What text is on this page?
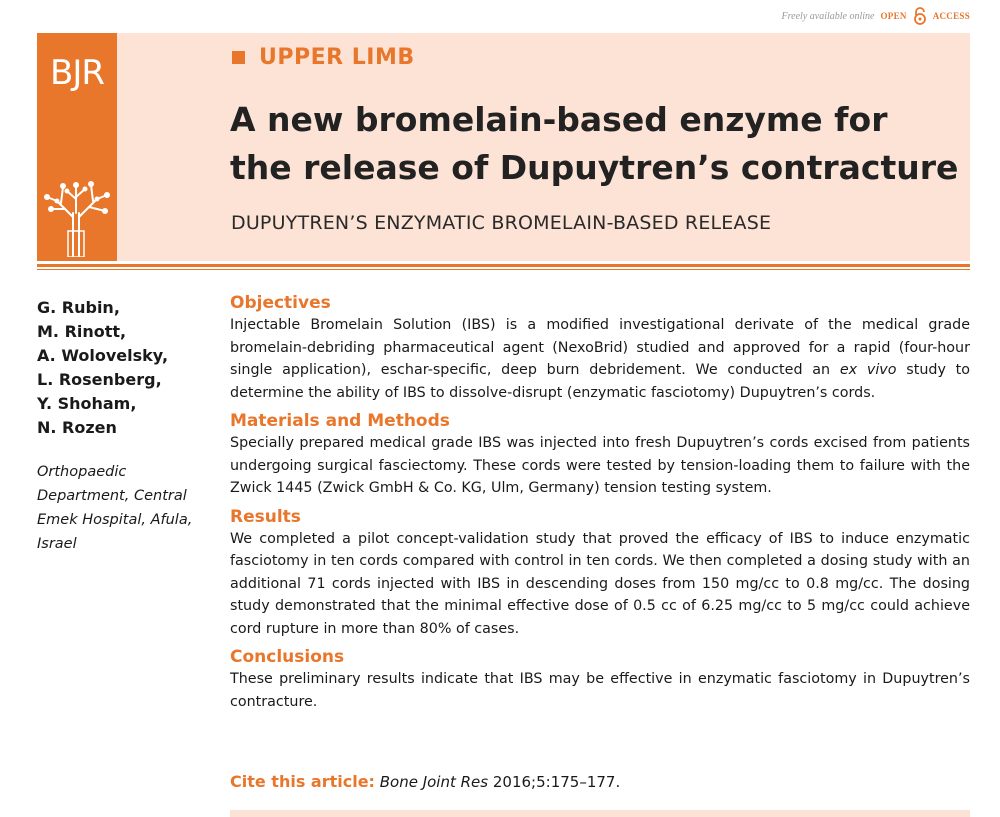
Freely available online OPEN	ACCESS
BJR	UPPER LIMB
A new bromelain-based enzyme for the release of Dupuytren’s contracture
DUPUYTREN’S ENZYMATIC BROMELAIN-BASED RELEASE
G. Rubin,
M. Rinott,
A. Wolovelsky,
L. Rosenberg,
Y. Shoham,
N. Rozen
Orthopaedic Department, Central Emek Hospital, Afula, Israel
Objectives

Injectable Bromelain Solution (IBS) is a modified investigational derivate of the medical grade bromelain-debriding pharmaceutical agent (NexoBrid) studied and approved for a rapid (four-hour single application), eschar-specific, deep burn debridement. We conducted an ex vivo study to determine the ability of IBS to dissolve-disrupt (enzymatic fasciotomy) Dupuytren’s cords.

Materials and Methods

Specially prepared medical grade IBS was injected into fresh Dupuytren’s cords excised from patients undergoing surgical fasciectomy. These cords were tested by tension-loading them to failure with the Zwick 1445 (Zwick GmbH & Co. KG, Ulm, Germany) tension testing system.

Results

We completed a pilot concept-validation study that proved the efficacy of IBS to induce enzymatic fasciotomy in ten cords compared with control in ten cords. We then completed a dosing study with an additional 71 cords injected with IBS in descending doses from 150 mg/cc to 0.8 mg/cc. The dosing study demonstrated that the minimal effective dose of 0.5 cc of 6.25 mg/cc to 5 mg/cc could achieve cord rupture in more than 80% of cases.

Conclusions

These preliminary results indicate that IBS may be effective in enzymatic fasciotomy in Dupuytren’s contracture.

Cite this article: Bone Joint Res 2016;5:175–177.
